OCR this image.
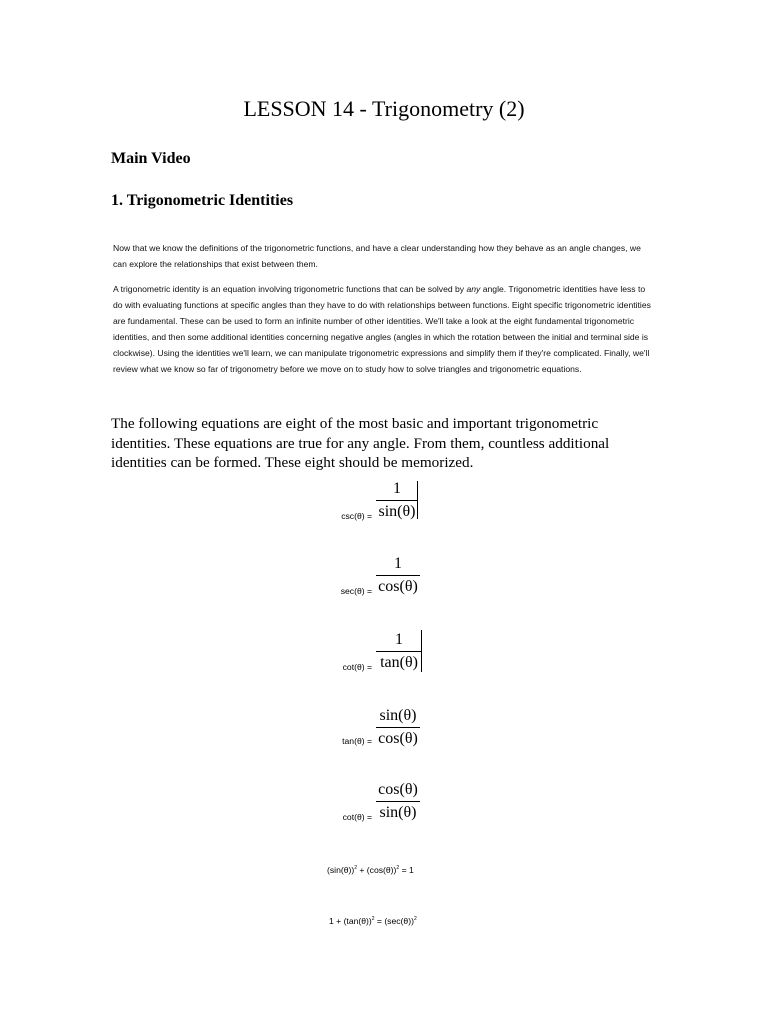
LESSON 14 - Trigonometry (2)
Main Video
1. Trigonometric Identities
Now that we know the definitions of the trigonometric functions, and have a clear understanding how they behave as an angle changes, we can explore the relationships that exist between them.
A trigonometric identity is an equation involving trigonometric functions that can be solved by any angle. Trigonometric identities have less to do with evaluating functions at specific angles than they have to do with relationships between functions. Eight specific trigonometric identities are fundamental. These can be used to form an infinite number of other identities. We'll take a look at the eight fundamental trigonometric identities, and then some additional identities concerning negative angles (angles in which the rotation between the initial and terminal side is clockwise). Using the identities we'll learn, we can manipulate trigonometric expressions and simplify them if they're complicated. Finally, we'll review what we know so far of trigonometry before we move on to study how to solve triangles and trigonometric equations.
The following equations are eight of the most basic and important trigonometric identities. These equations are true for any angle. From them, countless additional identities can be formed. These eight should be memorized.
csc(θ) =
1
sin(θ)
sec(θ) =
1
cos(θ)
cot(θ) =
1
tan(θ)
tan(θ) =
sin(θ)
cos(θ)
cot(θ) =
cos(θ)
sin(θ)
$(\sin(\theta))^2 + (\cos(\theta))^2 = 1$
$1 + (\tan(\theta))^2 = (\sec(\theta))^2$
